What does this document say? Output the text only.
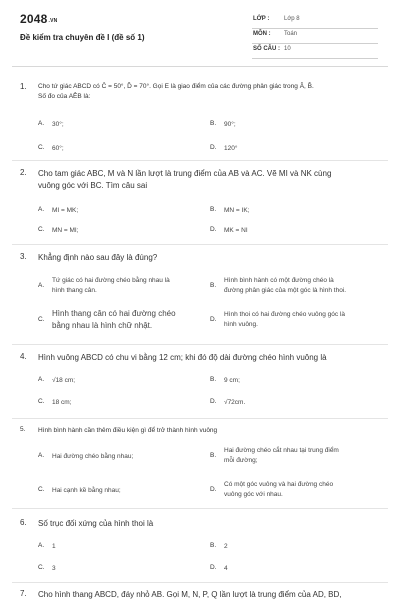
$2048^{.VN}$
Đề kiểm tra chuyên đề I (đề số 1)
LỚP : Lớp 8
MÔN : Toán
SỐ CÂU : 10
1. Cho tứ giác ABCD có Ĉ = 50°, D̂ = 70°. Gọi E là giao điểm của các đường phân giác trong Â, B̂.
Số đo của AÊB là:
A. 30°;	B. 90°;
C. 60°;	D. 120°
2. Cho tam giác ABC, M và N lần lượt là trung điểm của AB và AC. Vẽ MI và NK cùng
vuông góc với BC. Tìm câu sai
A. MI = MK;	B. MN = IK;
C. MN = MI;	D. MK = NI
3. Khẳng định nào sau đây là đúng?
A.
Tứ giác có hai đường chéo bằng nhau là
hình thang cân.
B.
Hình bình hành có một đường chéo là
đường phân giác của một góc là hình thoi.
C.
Hình thang cân có hai đường chéo
bằng nhau là hình chữ nhật.
D.
Hình thoi có hai đường chéo vuông góc là
hình vuông.
4. Hình vuông ABCD có chu vi bằng 12 cm; khi đó độ dài đường chéo hình vuông là
A. √18 cm;	B. 9 cm;
C. 18 cm;	D. √72cm.
5. Hình bình hành cần thêm điều kiện gì để trở thành hình vuông
A. Hai đường chéo bằng nhau;	B.
Hai đường chéo cắt nhau tại trung điểm
mỗi đường;
C. Hai cạnh kề bằng nhau;	D.
Có một góc vuông và hai đường chéo
vuông góc với nhau.
6. Số trục đối xứng của hình thoi là
A. 1	B. 2
C. 3	D. 4
7. Cho hình thang ABCD, đáy nhỏ AB. Gọi M, N, P, Q lần lượt là trung điểm của AD, BD,
